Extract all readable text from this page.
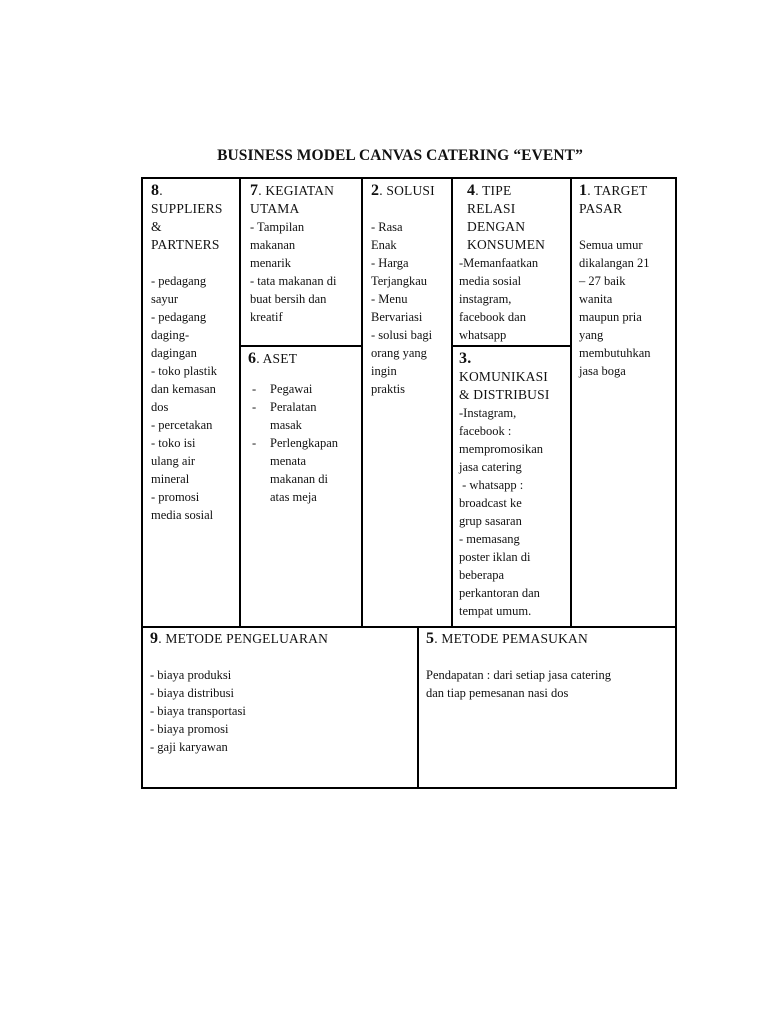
BUSINESS MODEL CANVAS CATERING “EVENT”
8.
SUPPLIERS
&
PARTNERS
- pedagang
sayur
- pedagang
daging-
dagingan
- toko plastik
dan kemasan
dos
- percetakan
- toko isi
ulang air
mineral
- promosi
media sosial
7. KEGIATAN
UTAMA
- Tampilan
makanan
menarik
- tata makanan di
buat bersih dan
kreatif
6. ASET
- Pegawai
- Peralatan
masak
- Perlengkapan
menata
makanan di
atas meja
2. SOLUSI
- Rasa
Enak
- Harga
Terjangkau
- Menu
Bervariasi
- solusi bagi
orang yang
ingin
praktis
4. TIPE
RELASI
DENGAN
KONSUMEN
-Memanfaatkan
media sosial
instagram,
facebook dan
whatsapp
3.
KOMUNIKASI
& DISTRIBUSI
-Instagram,
facebook :
mempromosikan
jasa catering
- whatsapp :
broadcast ke
grup sasaran
- memasang
poster iklan di
beberapa
perkantoran dan
tempat umum.
1. TARGET
PASAR
Semua umur
dikalangan 21
– 27 baik
wanita
maupun pria
yang
membutuhkan
jasa boga
9. METODE PENGELUARAN
- biaya produksi
- biaya distribusi
- biaya transportasi
- biaya promosi
- gaji karyawan
5. METODE PEMASUKAN
Pendapatan : dari setiap jasa catering
dan tiap pemesanan nasi dos
